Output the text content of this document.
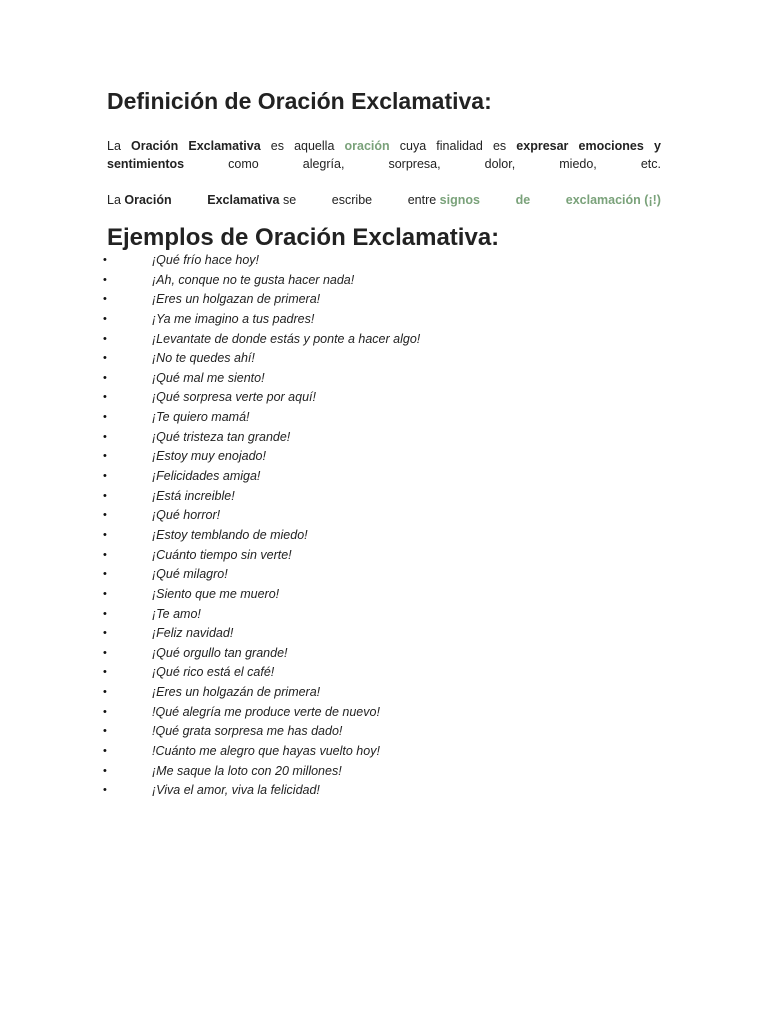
Definición de Oración Exclamativa:
La Oración Exclamativa es aquella oración cuya finalidad es expresar emociones y
sentimientos	como	alegría,	sorpresa,	dolor,	miedo,	etc.
La Oración	Exclamativa se	escribe	entre signos	de	exclamación (¡!)
Ejemplos de Oración Exclamativa:
•	¡Qué frío hace hoy!
•	¡Ah, conque no te gusta hacer nada!
•	¡Eres un holgazan de primera!
•	¡Ya me imagino a tus padres!
•	¡Levantate de donde estás y ponte a hacer algo!
•	¡No te quedes ahí!
•	¡Qué mal me siento!
•	¡Qué sorpresa verte por aquí!
•	¡Te quiero mamá!
•	¡Qué tristeza tan grande!
•	¡Estoy muy enojado!
•	¡Felicidades amiga!
•	¡Está increible!
•	¡Qué horror!
•	¡Estoy temblando de miedo!
•	¡Cuánto tiempo sin verte!
•	¡Qué milagro!
•	¡Siento que me muero!
•	¡Te amo!
•	¡Feliz navidad!
•	¡Qué orgullo tan grande!
•	¡Qué rico está el café!
•	¡Eres un holgazán de primera!
•	!Qué alegría me produce verte de nuevo!
•	!Qué grata sorpresa me has dado!
•	!Cuánto me alegro que hayas vuelto hoy!
•	¡Me saque la loto con 20 millones!
•	¡Viva el amor, viva la felicidad!
